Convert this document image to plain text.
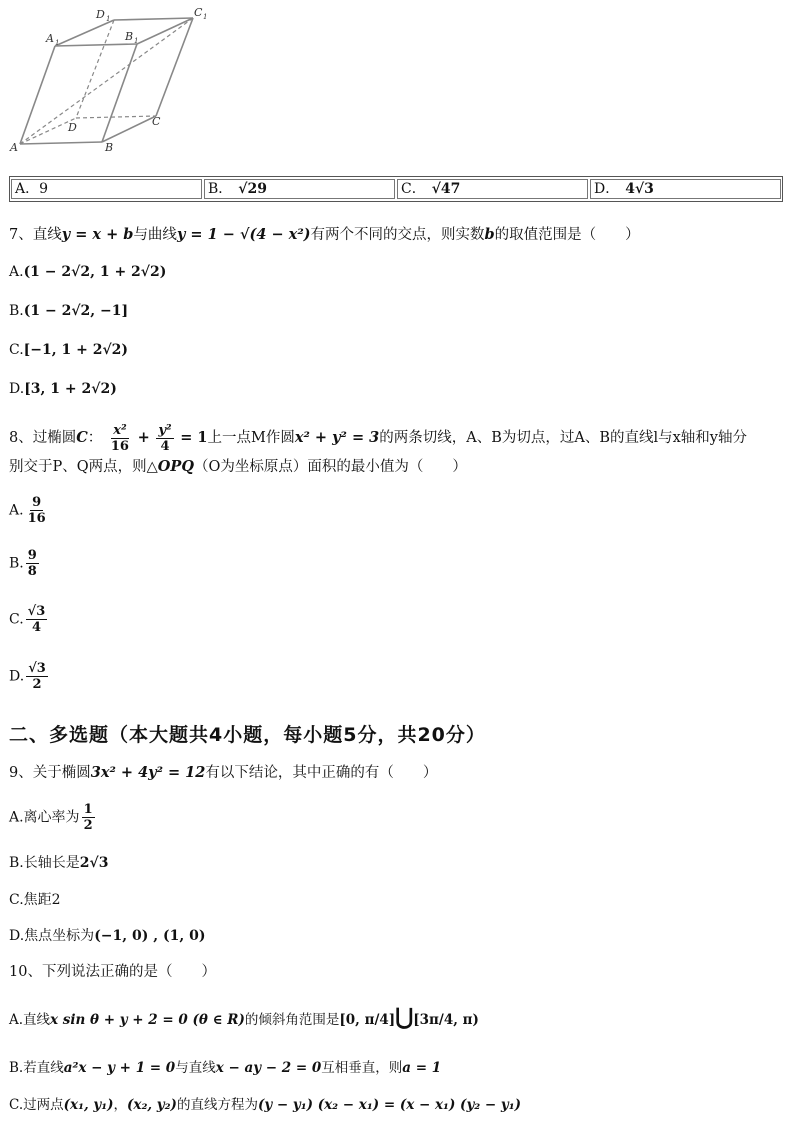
D 1	C 1
A 1	B 1
D	C
A	B
A． 9	B． √29	C． √47	D． 4√3
7、直线y = x + b与曲线y = 1 − √(4 − x²)有两个不同的交点，则实数b的取值范围是（　　）
A.(1 − 2√2, 1 + 2√2)
B.(1 − 2√2, −1]
C.[−1, 1 + 2√2)
D.[3, 1 + 2√2)
8、过椭圆C： $\frac{\text{x²}}{16} + \frac{\text{y²}}{4} = 1$上一点M作圆x² + y² = 3的两条切线，A、B为切点，过A、B的直线l与x轴和y轴分
别交于P、Q两点，则△OPQ（O为坐标原点）面积的最小值为（　　）
A. $\frac{9}{16}$
B. $\frac{9}{8}$
C. $\frac{√3}{4}$
D. $\frac{√3}{2}$
二、多选题（本大题共4小题，每小题5分，共20分）
9、关于椭圆3x² + 4y² = 12有以下结论，其中正确的有（　　）
A.离心率为 $\frac{1}{2}$
B.长轴长是2√3
C.焦距2
D.焦点坐标为(−1, 0) , (1, 0)
10、下列说法正确的是（　　）
A.直线x sin θ + y + 2 = 0 (θ ∈ R)的倾斜角范围是[0, π/4]⋃[3π/4, π)
B.若直线a²x − y + 1 = 0与直线x − ay − 2 = 0互相垂直，则a = 1
C.过两点(x₁, y₁)，(x₂, y₂)的直线方程为(y − y₁) (x₂ − x₁) = (x − x₁) (y₂ − y₁)
